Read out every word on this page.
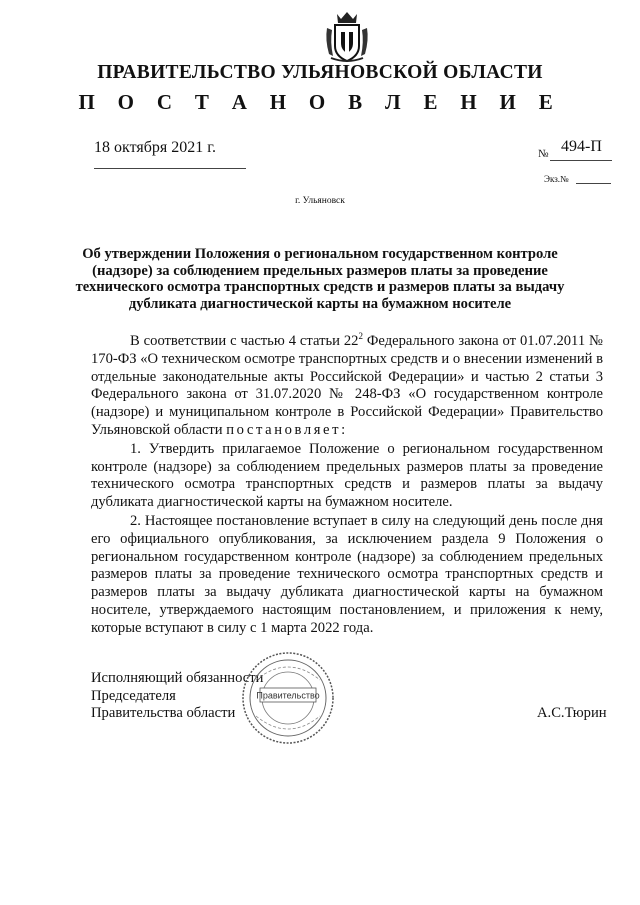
ПРАВИТЕЛЬСТВО УЛЬЯНОВСКОЙ ОБЛАСТИ
П О С Т А Н О В Л Е Н И Е
18 октября 2021 г.	№ 494-П
Экз.№
г. Ульяновск
Об утверждении Положения о региональном государственном контроле (надзоре) за соблюдением предельных размеров платы за проведение технического осмотра транспортных средств и размеров платы за выдачу дубликата диагностической карты на бумажном носителе

В соответствии с частью 4 статьи $22^2$ Федерального закона от 01.07.2011 № 170-ФЗ «О техническом осмотре транспортных средств и о внесении изменений в отдельные законодательные акты Российской Федерации» и частью 2 статьи 3 Федерального закона от 31.07.2020 № 248-ФЗ «О государственном контроле (надзоре) и муниципальном контроле в Российской Федерации» Правительство Ульяновской области постановляет:

1. Утвердить прилагаемое Положение о региональном государственном контроле (надзоре) за соблюдением предельных размеров платы за проведение технического осмотра транспортных средств и размеров платы за выдачу дубликата диагностической карты на бумажном носителе.

2. Настоящее постановление вступает в силу на следующий день после дня его официального опубликования, за исключением раздела 9 Положения о региональном государственном контроле (надзоре) за соблюдением предельных размеров платы за проведение технического осмотра транспортных средств и размеров платы за выдачу дубликата диагностической карты на бумажном носителе, утверждаемого настоящим постановлением, и приложения к нему, которые вступают в силу с 1 марта 2022 года.

Исполняющий обязанности
Председателя
Правительства области	А.С.Тюрин
Правительство
